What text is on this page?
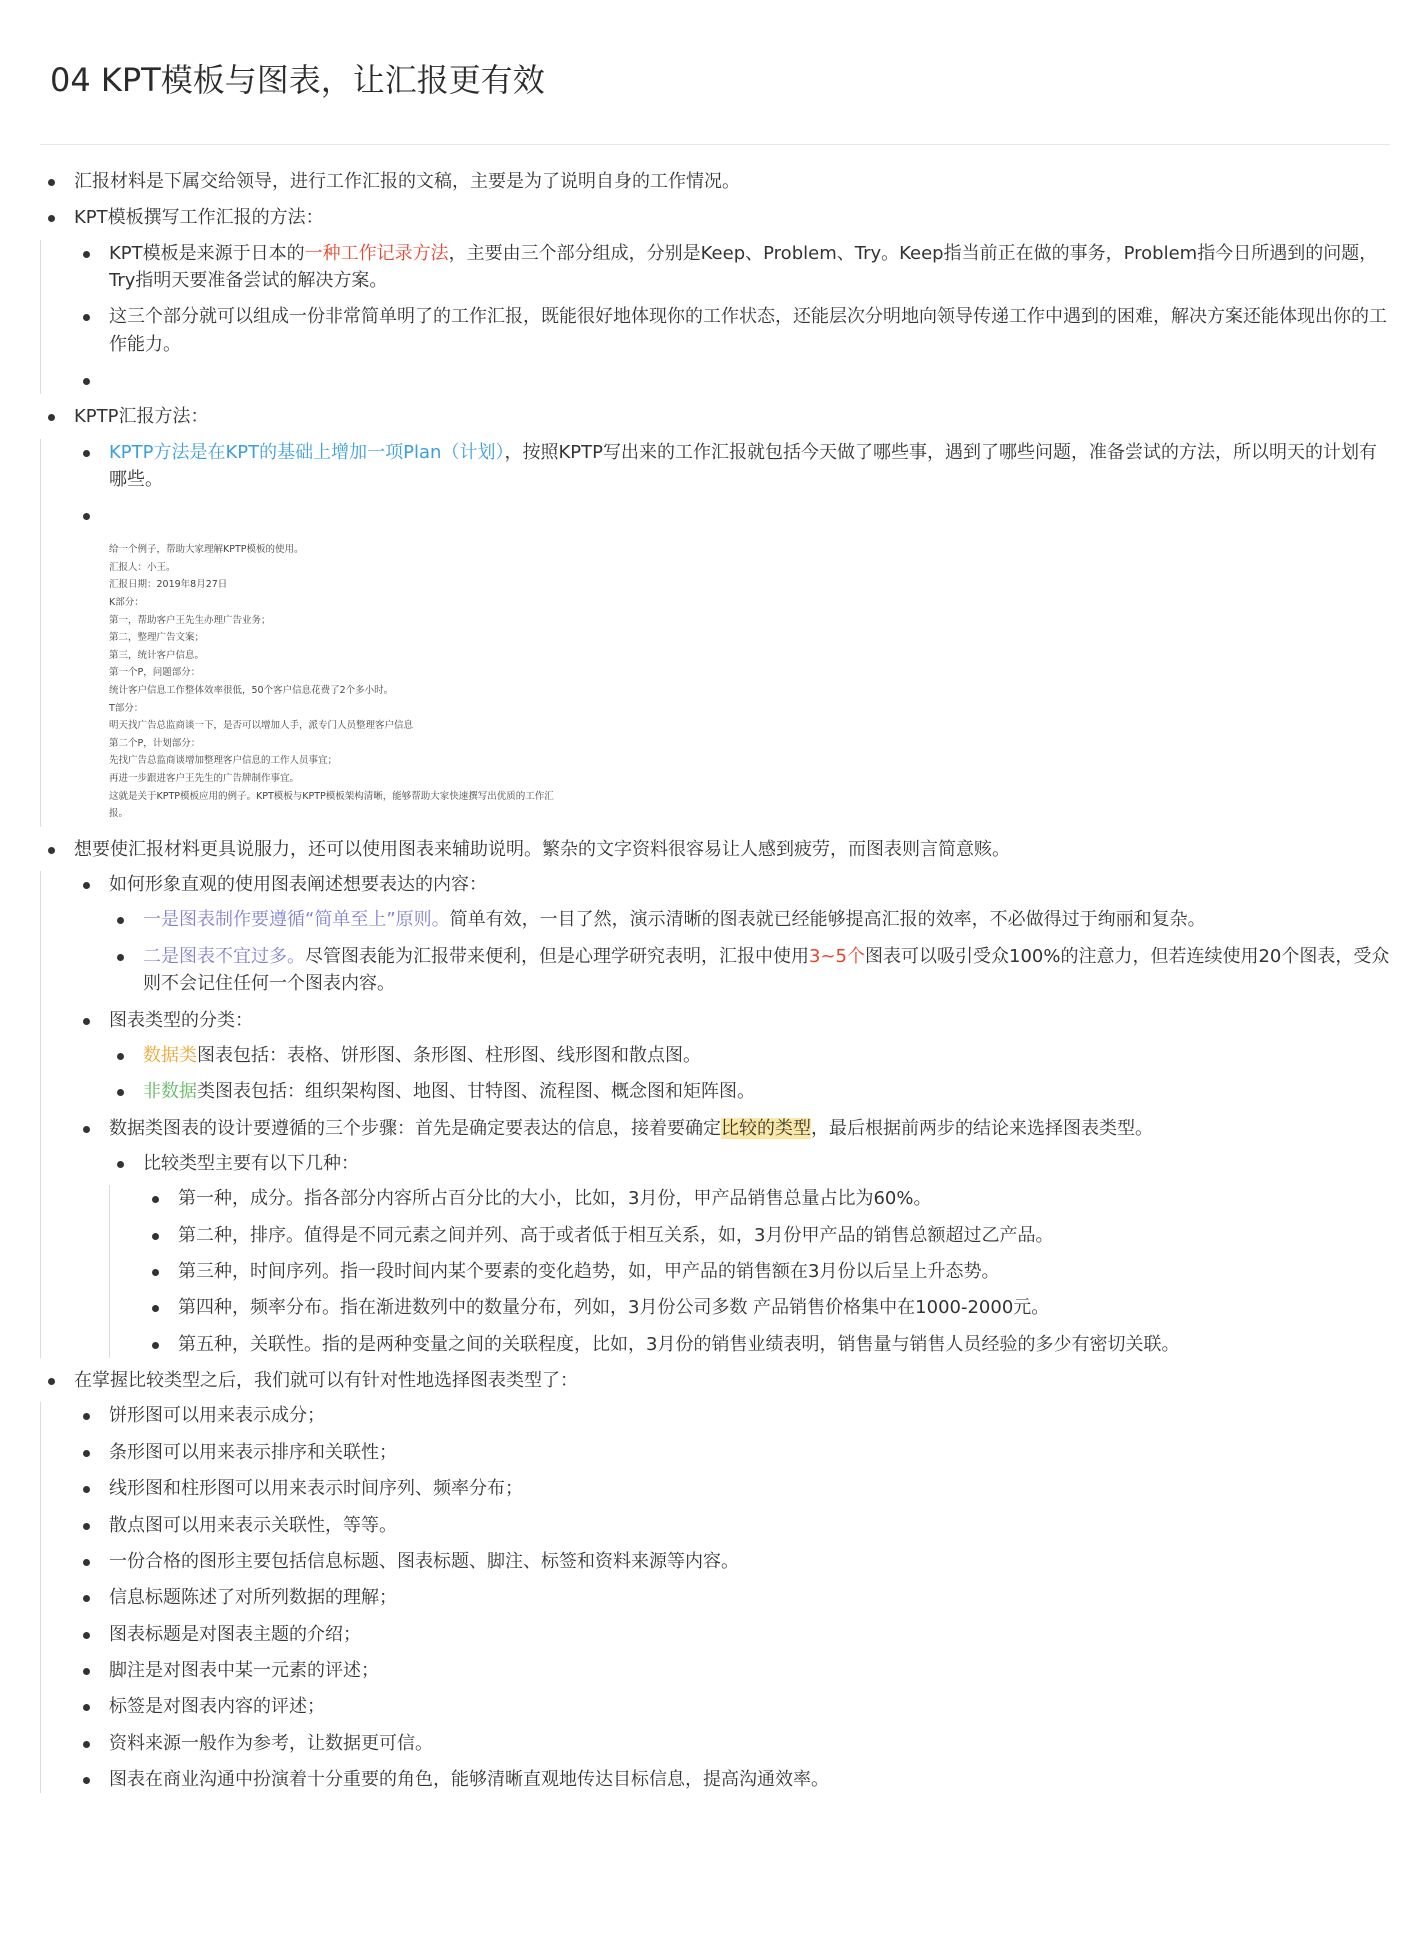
04 KPT模板与图表，让汇报更有效
汇报材料是下属交给领导，进行工作汇报的文稿，主要是为了说明自身的工作情况。
KPT模板撰写工作汇报的方法：
KPT模板是来源于日本的一种工作记录方法，主要由三个部分组成，分别是Keep、Problem、Try。Keep指当前正在做的事务，Problem指今日所遇到的问题，Try指明天要准备尝试的解决方案。
这三个部分就可以组成一份非常简单明了的工作汇报，既能很好地体现你的工作状态，还能层次分明地向领导传递工作中遇到的困难，解决方案还能体现出你的工作能力。
KPTP汇报方法：
KPTP方法是在KPT的基础上增加一项Plan（计划），按照KPTP写出来的工作汇报就包括今天做了哪些事，遇到了哪些问题，准备尝试的方法，所以明天的计划有哪些。
给一个例子，帮助大家理解KPTP模板的使用。
汇报人：小王。
汇报日期：2019年8月27日
K部分：
第一，帮助客户王先生办理广告业务；
第二，整理广告文案；
第三，统计客户信息。
第一个P，问题部分：
统计客户信息工作整体效率很低，50个客户信息花费了2个多小时。
T部分：
明天找广告总监商谈一下，是否可以增加人手，派专门人员整理客户信息
第二个P，计划部分：
先找广告总监商谈增加整理客户信息的工作人员事宜；
再进一步跟进客户王先生的广告牌制作事宜。
这就是关于KPTP模板应用的例子。KPT模板与KPTP模板架构清晰，能够帮助大家快速撰写出优质的工作汇
报。
想要使汇报材料更具说服力，还可以使用图表来辅助说明。繁杂的文字资料很容易让人感到疲劳，而图表则言简意赅。
如何形象直观的使用图表阐述想要表达的内容：
一是图表制作要遵循“简单至上”原则。简单有效，一目了然，演示清晰的图表就已经能够提高汇报的效率，不必做得过于绚丽和复杂。
二是图表不宜过多。尽管图表能为汇报带来便利，但是心理学研究表明，汇报中使用3~5个图表可以吸引受众100%的注意力，但若连续使用20个图表，受众则不会记住任何一个图表内容。
图表类型的分类：
数据类图表包括：表格、饼形图、条形图、柱形图、线形图和散点图。
非数据类图表包括：组织架构图、地图、甘特图、流程图、概念图和矩阵图。
数据类图表的设计要遵循的三个步骤：首先是确定要表达的信息，接着要确定比较的类型，最后根据前两步的结论来选择图表类型。
比较类型主要有以下几种：
第一种，成分。指各部分内容所占百分比的大小，比如，3月份，甲产品销售总量占比为60%。
第二种，排序。值得是不同元素之间并列、高于或者低于相互关系，如，3月份甲产品的销售总额超过乙产品。
第三种，时间序列。指一段时间内某个要素的变化趋势，如，甲产品的销售额在3月份以后呈上升态势。
第四种，频率分布。指在渐进数列中的数量分布，列如，3月份公司多数 产品销售价格集中在1000-2000元。
第五种，关联性。指的是两种变量之间的关联程度，比如，3月份的销售业绩表明，销售量与销售人员经验的多少有密切关联。
在掌握比较类型之后，我们就可以有针对性地选择图表类型了：
饼形图可以用来表示成分；
条形图可以用来表示排序和关联性；
线形图和柱形图可以用来表示时间序列、频率分布；
散点图可以用来表示关联性，等等。
一份合格的图形主要包括信息标题、图表标题、脚注、标签和资料来源等内容。
信息标题陈述了对所列数据的理解；
图表标题是对图表主题的介绍；
脚注是对图表中某一元素的评述；
标签是对图表内容的评述；
资料来源一般作为参考，让数据更可信。
图表在商业沟通中扮演着十分重要的角色，能够清晰直观地传达目标信息，提高沟通效率。
